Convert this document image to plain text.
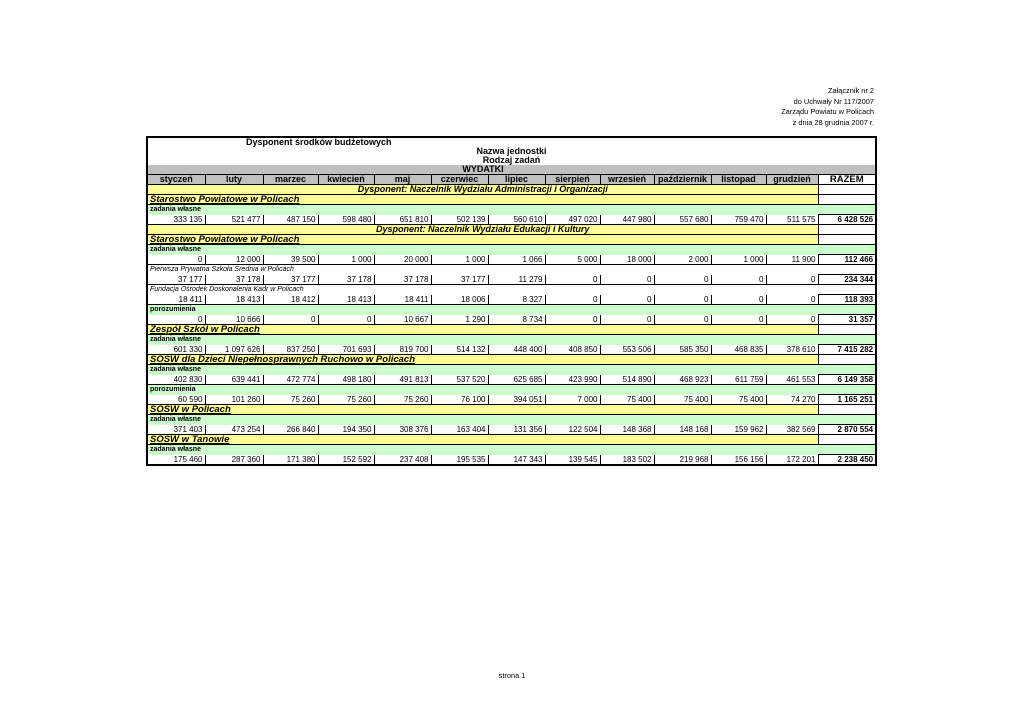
Załącznik nr 2
do Uchwały Nr 117/2007
Zarządu Powiatu w Policach
z dnia 28 grudnia 2007 r.
Dysponent środków budżetowych												
Nazwa jednostki												
Rodzaj zadań												
WYDATKI												
styczeń	luty	marzec	kwiecień	maj	czerwiec	lipiec	sierpień	wrzesień	październik	listopad	grudzień	RAZEM
Dysponent: Naczelnik Wydziału Administracji i Organizacji												
Starostwo Powiatowe w Policach												
zadania własne												
333 135	521 477	487 150	598 480	651 810	502 139	560 610	497 020	447 980	557 680	759 470	511 575	6 428 526
Dysponent: Naczelnik Wydziału Edukacji i Kultury												
Starostwo Powiatowe w Policach												
zadania własne												
0	12 000	39 500	1 000	20 000	1 000	1 066	5 000	18 000	2 000	1 000	11 900	112 466
Pierwsza Prywatna Szkoła Średnia w Policach												
37 177	37 178	37 177	37 178	37 178	37 177	11 279	0	0	0	0	0	234 344
Fundacja Ośrodek Doskonalenia Kadr w Policach												
18 411	18 413	18 412	18 413	18 411	18 006	8 327	0	0	0	0	0	118 393
porozumienia												
0	10 666	0	0	10 667	1 290	8 734	0	0	0	0	0	31 357
Zespół Szkół w Policach												
zadania własne												
601 330	1 097 626	837 250	701 693	819 700	514 132	448 400	408 850	553 506	585 350	468 835	378 610	7 415 282
SOSW dla Dzieci Niepełnosprawnych Ruchowo w Policach												
zadania własne												
402 830	639 441	472 774	498 180	491 813	537 520	625 685	423 990	514 890	468 923	611 759	461 553	6 149 358
porozumienia												
60 590	101 260	75 260	75 260	75 260	76 100	394 051	7 000	75 400	75 400	75 400	74 270	1 165 251
SOSW w Policach												
zadania własne												
371 403	473 254	266 840	194 350	308 376	163 404	131 356	122 504	148 368	148 168	159 962	382 569	2 870 554
SOSW w Tanowie												
zadania własne												
175 460	287 360	171 380	152 592	237 408	195 535	147 343	139 545	183 502	219 968	156 156	172 201	2 238 450
strona 1
